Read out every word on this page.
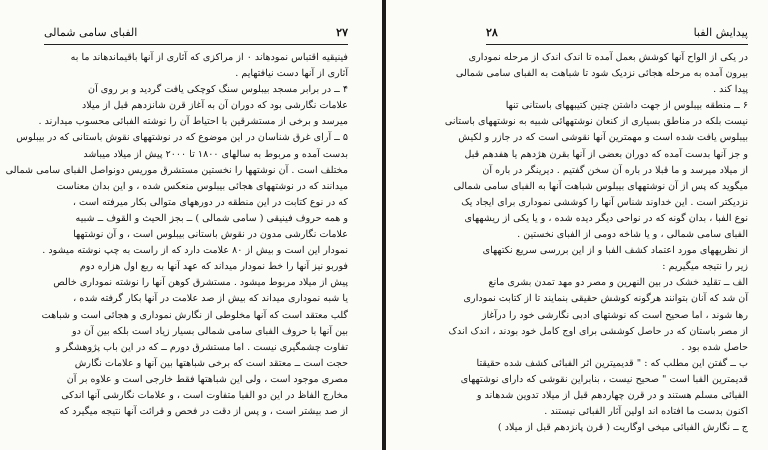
الفبای سامی شمالی	۲۷
فینیقیه اقتباس نمودهاند ۰ از مراکزی که آثاری از آنها باقیماندهاند ما به
آثاری از آنها دست نیافتهایم .
۴ ــ در برابر مسجد بیبلوس سنگ کوچکی یافت گردید و بر روی آن
علامات نگارشی بود که دوران آن به آغاز قرن شانزدهم قبل از میلاد
میرسد و برخی از مستشرقین با احتیاط آن را نوشته الفبائی محسوب میدارند .
۵ ــ آرای غرق شناسان در این موضوع که در نوشتههای نقوش باستانی که در بیبلوس
بدست آمده و مربوط به سالهای ۱۸۰۰ تا ۲۰۰۰ پیش از میلاد میباشد
مختلف است . آن نوشتهها را نخستین مستشرق موریس دونواصل الفبای سامی شمالی
میدانند که در نوشتههای هجائی بیبلوس منعکس شده ، و این بدان معناست
که در نوع کتابت در این منطقه در دورههای متوالی بکار میرفته است ،
و همه حروف فینیقی ( سامی شمالی ) ــ بجز الحیث و القوف ــ شبیه
علامات نگارشی مدون در نقوش باستانی بیبلوس است ، و آن نوشتهها
نمودار این است و بیش از ۸۰ علامت دارد که از راست به چپ نوشته میشود .
فوربو نیز آنها را خط نمودار میداند که عهد آنها به ربع اول هزاره دوم
پیش از میلاد مربوط میشود . مستشرق کوهن آنها را نوشته نموداری خالص
یا شبه نموداری میداند که بیش از صد علامت در آنها بکار گرفته شده ،
گلب معتقد است که آنها مخلوطی از نگارش نموداری و هجائی است و شباهت
بین آنها با حروف الفبای سامی شمالی بسیار زیاد است بلکه بین آن دو
تفاوت چشمگیری نیست . اما مستشرق دورم ــ که در این باب پژوهشگر و
حجت است ــ معتقد است که برخی شباهتها بین آنها و علامات نگارش
مصری موجود است ، ولی این شباهتها فقط خارجی است و علاوه بر آن
مخارج الفاظ در این دو الفبا متفاوت است ، و علامات نگارشی آنها اندکی
از صد بیشتر است ، و پس از دقت در فحص و قرائت آنها نتیجه میگیرد که
پیدایش الفبا
۲۸
در یکی از الواح آنها کوشش بعمل آمده تا اندک اندک از مرحله نموداری
بیرون آمده به مرحله هجائی نزدیک شود تا شباهت به الفبای سامی شمالی
پیدا کند .
۶ ــ منطقه بیبلوس از جهت داشتن چنین کتیبههای باستانی تنها
نیست بلکه در مناطق بسیاری از کنعان نوشتههائی شبیه به نوشتههای باستانی
بیبلوس یافت شده است و مهمترین آنها نقوشی است که در جازر و لکیش
و جز آنها بدست آمده که دوران بعضی از آنها بقرن هژدهم یا هفدهم قبل
از میلاد میرسد و ما قبلا در باره آن سخن گفتیم . دیرینگر در باره آن
میگوید که پس از آن نوشتههای بیبلوس شباهت آنها به الفبای سامی شمالی
نزدیکتر است . این خداوند شناس آنها را کوششی نموداری برای ایجاد یک
نوع الفبا ، بدان گونه که در نواحی دیگر دیده شده ، و یا یکی از ریشههای
الفبای سامی شمالی ، و یا شاخه دومی از الفبای نخستین .
از نظریههای مورد اعتماد کشف الفبا و از این بررسی سریع نکتههای
زیر را نتیجه میگیریم :
الف ــ تقلید خشک در بین النهرین و مصر دو مهد تمدن بشری مانع
آن شد که آنان بتوانند هرگونه کوشش حقیقی بنمایند تا از کتابت نموداری
رها شوند ، اما صحیح است که نوشتهای ادبی نگارشی خود را درآغاز
از مصر باستان که در حاصل کوششی برای اوج کامل خود بودند ، اندک اندک
حاصل شده بود .
ب ــ گفتن این مطلب که : " قدیمیترین اثر الفبائی کشف شده حقیقتا
قدیمترین الفبا است " صحیح نیست ، بنابراین نقوشی که دارای نوشتههای
الفبائی مسلم هستند و در قرن چهاردهم قبل از میلاد تدوین شدهاند و
اکنون بدست ما افتاده اند اولین آثار الفبائی نیستند .
ج ــ نگارش الفبائی میخی اوگاریت ( قرن پانزدهم قبل از میلاد )
